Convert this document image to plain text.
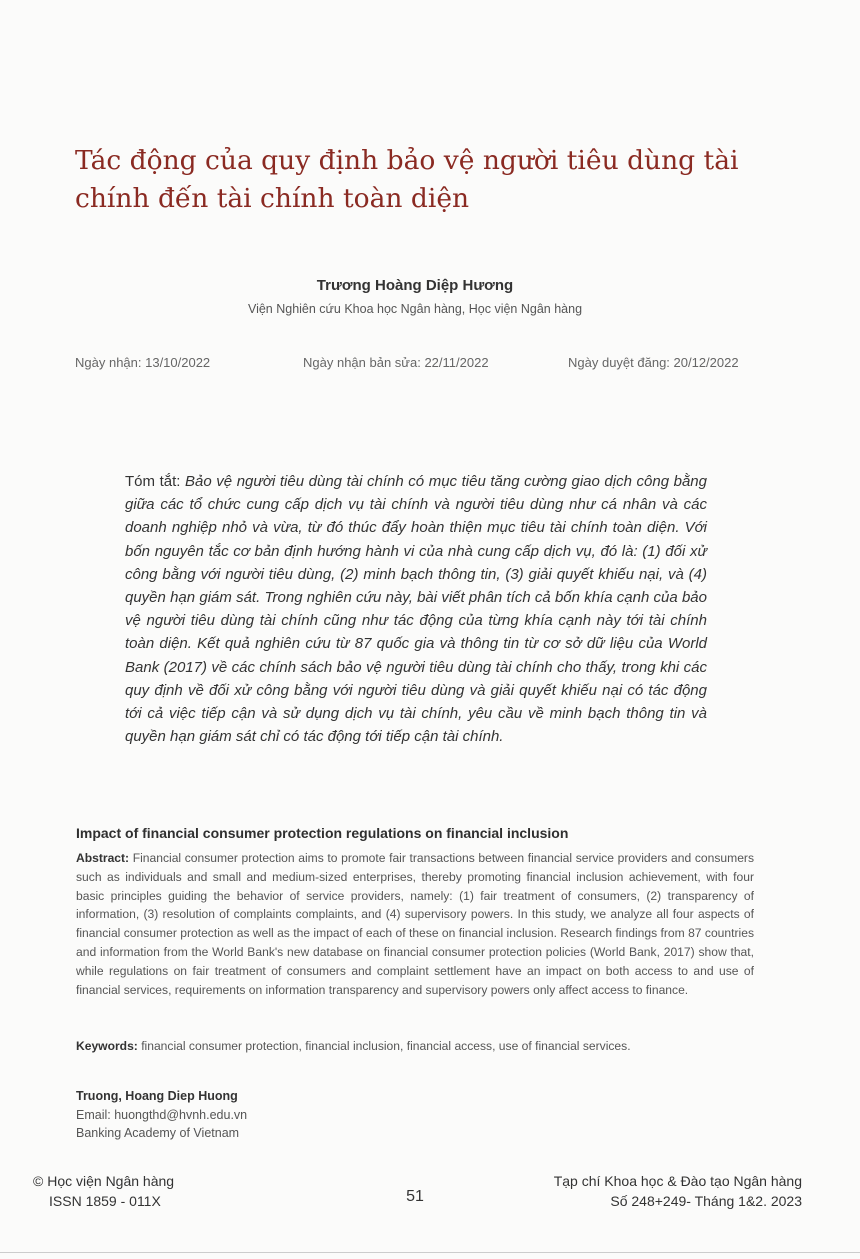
Tác động của quy định bảo vệ người tiêu dùng tài chính đến tài chính toàn diện
Trương Hoàng Diệp Hương
Viện Nghiên cứu Khoa học Ngân hàng, Học viện Ngân hàng
Ngày nhận: 13/10/2022	Ngày nhận bản sửa: 22/11/2022	Ngày duyệt đăng: 20/12/2022

Tóm tắt: Bảo vệ người tiêu dùng tài chính có mục tiêu tăng cường giao dịch công bằng giữa các tổ chức cung cấp dịch vụ tài chính và người tiêu dùng như cá nhân và các doanh nghiệp nhỏ và vừa, từ đó thúc đẩy hoàn thiện mục tiêu tài chính toàn diện. Với bốn nguyên tắc cơ bản định hướng hành vi của nhà cung cấp dịch vụ, đó là: (1) đối xử công bằng với người tiêu dùng, (2) minh bạch thông tin, (3) giải quyết khiếu nại, và (4) quyền hạn giám sát. Trong nghiên cứu này, bài viết phân tích cả bốn khía cạnh của bảo vệ người tiêu dùng tài chính cũng như tác động của từng khía cạnh này tới tài chính toàn diện. Kết quả nghiên cứu từ 87 quốc gia và thông tin từ cơ sở dữ liệu của World Bank (2017) về các chính sách bảo vệ người tiêu dùng tài chính cho thấy, trong khi các quy định về đối xử công bằng với người tiêu dùng và giải quyết khiếu nại có tác động tới cả việc tiếp cận và sử dụng dịch vụ tài chính, yêu cầu về minh bạch thông tin và quyền hạn giám sát chỉ có tác động tới tiếp cận tài chính.

Impact of financial consumer protection regulations on financial inclusion

Abstract: Financial consumer protection aims to promote fair transactions between financial service providers and consumers such as individuals and small and medium-sized enterprises, thereby promoting financial inclusion achievement, with four basic principles guiding the behavior of service providers, namely: (1) fair treatment of consumers, (2) transparency of information, (3) resolution of complaints complaints, and (4) supervisory powers. In this study, we analyze all four aspects of financial consumer protection as well as the impact of each of these on financial inclusion. Research findings from 87 countries and information from the World Bank's new database on financial consumer protection policies (World Bank, 2017) show that, while regulations on fair treatment of consumers and complaint settlement have an impact on both access to and use of financial services, requirements on information transparency and supervisory powers only affect access to finance.

Keywords: financial consumer protection, financial inclusion, financial access, use of financial services.

Truong, Hoang Diep Huong
Email: huongthd@hvnh.edu.vn
Banking Academy of Vietnam
© Học viện Ngân hàng
ISSN 1859 - 011X	51
Tạp chí Khoa học & Đào tạo Ngân hàng
Số 248+249- Tháng 1&2. 2023
